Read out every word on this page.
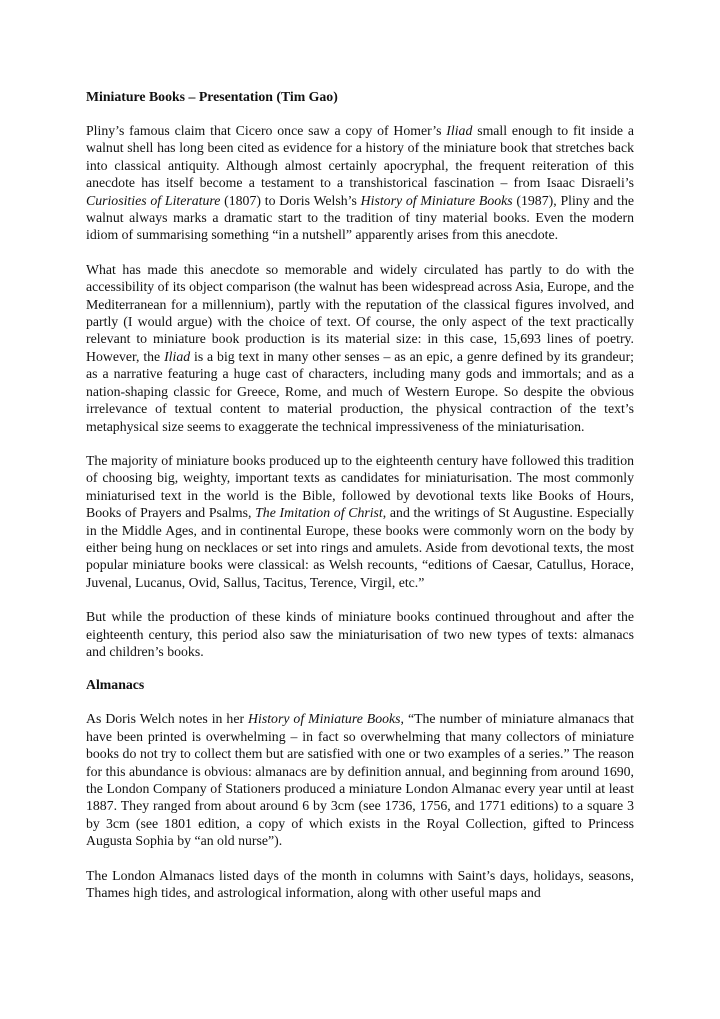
Miniature Books – Presentation (Tim Gao)

Pliny’s famous claim that Cicero once saw a copy of Homer’s Iliad small enough to fit inside a walnut shell has long been cited as evidence for a history of the miniature book that stretches back into classical antiquity. Although almost certainly apocryphal, the frequent reiteration of this anecdote has itself become a testament to a transhistorical fascination – from Isaac Disraeli’s Curiosities of Literature (1807) to Doris Welsh’s History of Miniature Books (1987), Pliny and the walnut always marks a dramatic start to the tradition of tiny material books. Even the modern idiom of summarising something “in a nutshell” apparently arises from this anecdote.

What has made this anecdote so memorable and widely circulated has partly to do with the accessibility of its object comparison (the walnut has been widespread across Asia, Europe, and the Mediterranean for a millennium), partly with the reputation of the classical figures involved, and partly (I would argue) with the choice of text. Of course, the only aspect of the text practically relevant to miniature book production is its material size: in this case, 15,693 lines of poetry. However, the Iliad is a big text in many other senses – as an epic, a genre defined by its grandeur; as a narrative featuring a huge cast of characters, including many gods and immortals; and as a nation-shaping classic for Greece, Rome, and much of Western Europe. So despite the obvious irrelevance of textual content to material production, the physical contraction of the text’s metaphysical size seems to exaggerate the technical impressiveness of the miniaturisation.

The majority of miniature books produced up to the eighteenth century have followed this tradition of choosing big, weighty, important texts as candidates for miniaturisation. The most commonly miniaturised text in the world is the Bible, followed by devotional texts like Books of Hours, Books of Prayers and Psalms, The Imitation of Christ, and the writings of St Augustine. Especially in the Middle Ages, and in continental Europe, these books were commonly worn on the body by either being hung on necklaces or set into rings and amulets. Aside from devotional texts, the most popular miniature books were classical: as Welsh recounts, “editions of Caesar, Catullus, Horace, Juvenal, Lucanus, Ovid, Sallus, Tacitus, Terence, Virgil, etc.”

But while the production of these kinds of miniature books continued throughout and after the eighteenth century, this period also saw the miniaturisation of two new types of texts: almanacs and children’s books.

Almanacs

As Doris Welch notes in her History of Miniature Books, “The number of miniature almanacs that have been printed is overwhelming – in fact so overwhelming that many collectors of miniature books do not try to collect them but are satisfied with one or two examples of a series.” The reason for this abundance is obvious: almanacs are by definition annual, and beginning from around 1690, the London Company of Stationers produced a miniature London Almanac every year until at least 1887. They ranged from about around 6 by 3cm (see 1736, 1756, and 1771 editions) to a square 3 by 3cm (see 1801 edition, a copy of which exists in the Royal Collection, gifted to Princess Augusta Sophia by “an old nurse”).

The London Almanacs listed days of the month in columns with Saint’s days, holidays, seasons, Thames high tides, and astrological information, along with other useful maps and
